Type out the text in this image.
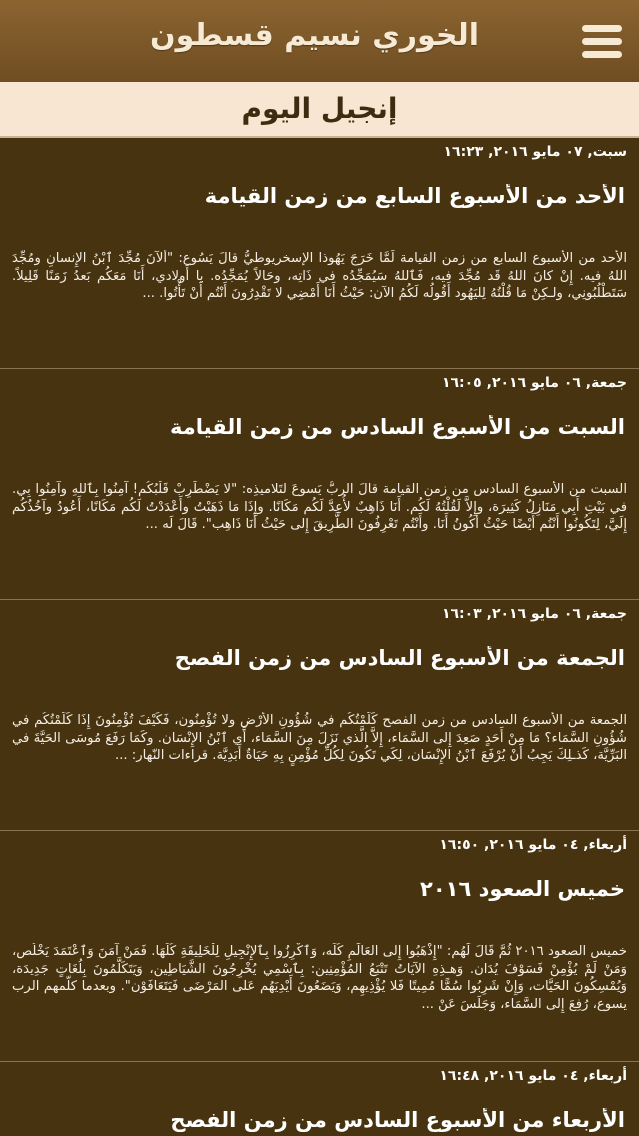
الخوري نسيم قسطون
إنجيل اليوم
سبت, ٠٧ مايو ٢٠١٦, ١٦:٢٣
الأحد من الأسبوع السابع من زمن القيامة
الأحد من الأسبوع السابع من زمن القيامة لَمَّا خَرَجَ يَهُوذا الإسخريوطيُّ قالَ يَسُوع: "أَلآنَ مُجِّدَ ٱبْنُ الإِنسانِ ومُجِّدَ اللهُ فيه. إِنْ كانَ اللهُ قَد مُجِّدَ فيه، فَٱللهُ سَيُمَجِّدُه في ذَاتِه، وحَالاً يُمَجِّدُه. يا أَولادي، أَنَا مَعَكُم بَعدُ زَمَنًا قَلِيلاً. سَتَطْلُبُونِي، ولـكِنْ مَا قُلْتُهُ لِليَهُود أَقُولُه لَكُمُ الآن: حَيْثُ أَنَا أَمْضِي لا تَقْدِرُونَ أَنْتُم أَنْ تَأْتُوا. ...
جمعة, ٠٦ مايو ٢٠١٦, ١٦:٠٥
السبت من الأسبوع السادس من زمن القيامة
السبت من الأسبوع السادس من زمن القيامة قالَ الربُّ يَسوعَ لتَلاميذِه: "لا يَضْطَرِبْ قَلْبُكُم! آمِنُوا بِٱللهِ وآمِنُوا بِي. في بَيْتِ أَبِي مَنَازِلُ كَثِيرَة، وإِلاَّ لَقُلْتُهُ لَكُم. أَنَا ذَاهِبٌ لأُعِدَّ لَكُم مَكَانًا. وإِذَا مَا ذَهَبْتُ وأَعْدَدْتُ لَكُم مَكَانًا، أَعُودُ وآخُذُكُم إِلَيَّ، لِتَكُونُوا أَنْتُم أَيْضًا حَيْثُ أَكُونُ أَنَا. وأَنْتُم تَعْرِفُونَ الطَّرِيقَ إِلى حَيْثُ أَنَا ذَاهِب". قَالَ لَه ...
جمعة, ٠٦ مايو ٢٠١٦, ١٦:٠٣
الجمعة من الأسبوع السادس من زمن الفصح
الجمعة من الأسبوع السادس من زمن الفصح كَلَّمْتُكُم في شُؤُونِ الأَرْضِ ولا تُؤْمِنُون، فَكَيْفَ تُؤْمِنُونَ إِذَا كَلَّمْتُكُم في شُؤُونِ السَّمَاء؟ مَا مِنْ أَحَدٍ صَعِدَ إِلى السَّمَاء، إِلاَّ الَّذي نَزَلَ مِنَ السَّمَاء، أَي ٱبْنُ الإِنْسَان. وكَمَا رَفَعَ مُوسَى الحَيَّةَ في البَرِّيَّة، كَذـلِكَ يَجِبُ أَنْ يُرْفَعَ ٱبْنُ الإِنْسَان، لِكَي تَكُونَ لِكُلِّ مُؤْمِنٍ بِهِ حَيَاةٌ أَبَدِيَّة. قراءات النّهار: ...
أربعاء, ٠٤ مايو ٢٠١٦, ١٦:٥٠
خميس الصعود ٢٠١٦
خميس الصعود ٢٠١٦ ثُمَّ قَالَ لَهُم: "إِذْهَبُوا إِلى العَالَمِ كُلِّه، وَٱكْرِزُوا بِٱلإِنْجِيلِ لِلْخَلِيقَةِ كُلِّهَا. فَمَنْ آمَنَ وَٱعْتَمَدَ يَخْلُص، وَمَنْ لَمْ يُؤْمِنْ فَسَوْفَ يُدَان. وَهـذِهِ الآيَاتُ تَتْبَعُ المُؤْمِنِين: بِٱسْمِي يُخْرِجُونَ الشَّيَاطِين، وَيَتَكَلَّمُونَ بِلُغَاتٍ جَدِيدَة، وَيُمْسِكُونَ الحَيَّات، وَإِنْ شَرِبُوا سُمًّا مُمِيتًا فَلا يُؤْذِيهِم، وَيَضَعُونَ أَيْدِيَهُم عَلى المَرْضَى فَيَتَعَافَوْن". وبعدما كلّمهم الرب يسوع، رُفِعَ إِلى السَّمَاء، وَجَلَسَ عَنْ ...
أربعاء, ٠٤ مايو ٢٠١٦, ١٦:٤٨
الأربعاء من الأسبوع السادس من زمن الفصح
